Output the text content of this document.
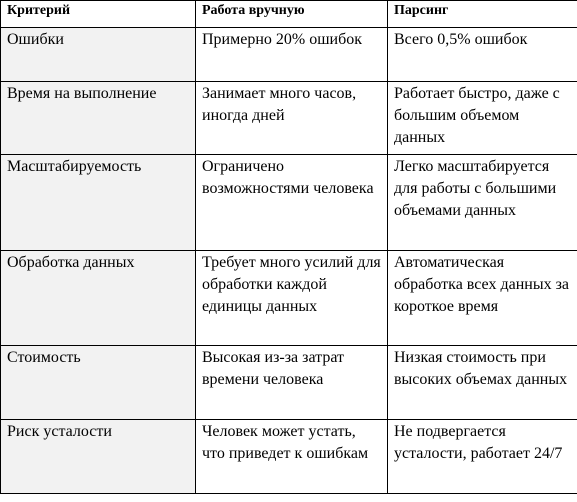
Критерий	Работа вручную	Парсинг
Ошибки	Примерно 20% ошибок	Всего 0,5% ошибок
Время на выполнение	Занимает много часов, иногда дней	Работает быстро, даже с большим объемом данных
Масштабируемость	Ограничено возможностями человека	Легко масштабируется для работы с большими объемами данных
Обработка данных	Требует много усилий для обработки каждой единицы данных	Автоматическая обработка всех данных за короткое время
Стоимость	Высокая из-за затрат времени человека	Низкая стоимость при высоких объемах данных
Риск усталости	Человек может устать, что приведет к ошибкам	Не подвергается усталости, работает 24/7
